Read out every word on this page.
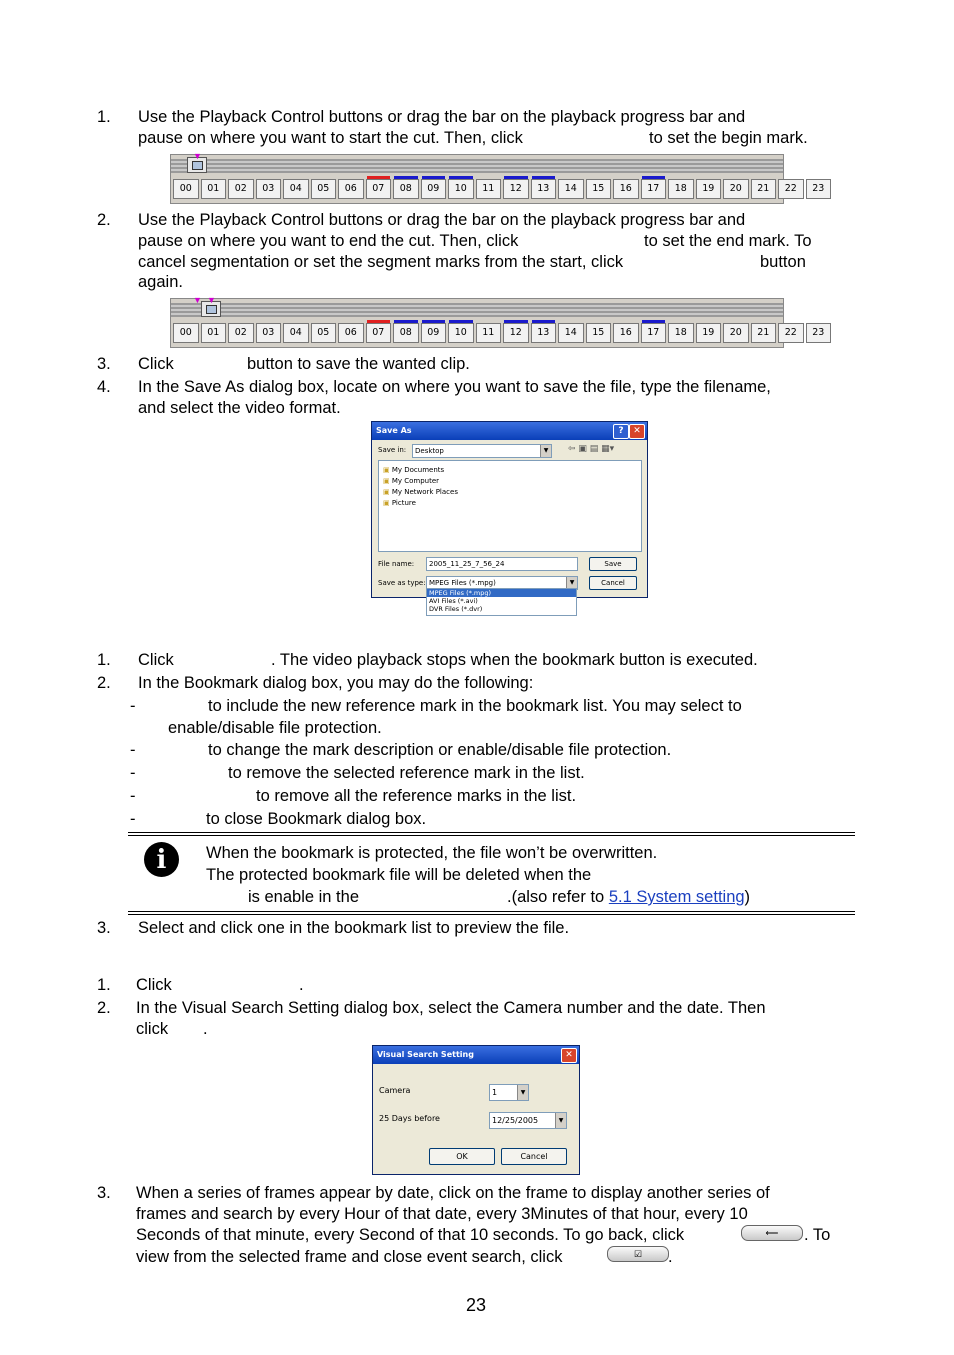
1. Use the Playback Control buttons or drag the bar on the playback progress bar and
pause on where you want to start the cut. Then, click	to set the begin mark.
▼
00	01	02	03	04	05	06	07	08	09	10	11	12	13	14	15	16	17	18	19	20	21	22	23
2. Use the Playback Control buttons or drag the bar on the playback progress bar and
pause on where you want to end the cut. Then, click	to set the end mark. To
cancel segmentation or set the segment marks from the start, click	button
again.
▼ ▼
00	01	02	03	04	05	06	07	08	09	10	11	12	13	14	15	16	17	18	19	20	21	22	23
3. Click	button to save the wanted clip.
4. In the Save As dialog box, locate on where you want to save the file, type the filename,
and select the video format.
Save As	?	✕
Save in:	Desktop	▼ ⇦ ▣ ▤ ▦▾
▣ My Documents
▣ My Computer
▣ My Network Places
▣ Picture
File name:	2005_11_25_7_56_24	Save
Save as type: MPEG Files (*.mpg)	▼	Cancel
MPEG Files (*.mpg)
AVI Files (*.avi)
DVR Files (*.dvr)
1. Click	. The video playback stops when the bookmark button is executed.
2. In the Bookmark dialog box, you may do the following:
-	to include the new reference mark in the bookmark list. You may select to
enable/disable file protection.
-	to change the mark description or enable/disable file protection.
-	to remove the selected reference mark in the list.
-	to remove all the reference marks in the list.
-	to close Bookmark dialog box.
i	When the bookmark is protected, the file won’t be overwritten.
The protected bookmark file will be deleted when the
is enable in the	.(also refer to 5.1 System setting)
3. Select and click one in the bookmark list to preview the file.
1. Click	.
2. In the Visual Search Setting dialog box, select the Camera number and the date. Then
click .
Visual Search Setting	✕
Camera	1	▼
25 Days before	12/25/2005	▼
OK	Cancel
3. When a series of frames appear by date, click on the frame to display another series of
frames and search by every Hour of that date, every 3Minutes of that hour, every 10
Seconds of that minute, every Second of that 10 seconds. To go back, click	⟵	. To
view from the selected frame and close event search, click	☑	.
23
